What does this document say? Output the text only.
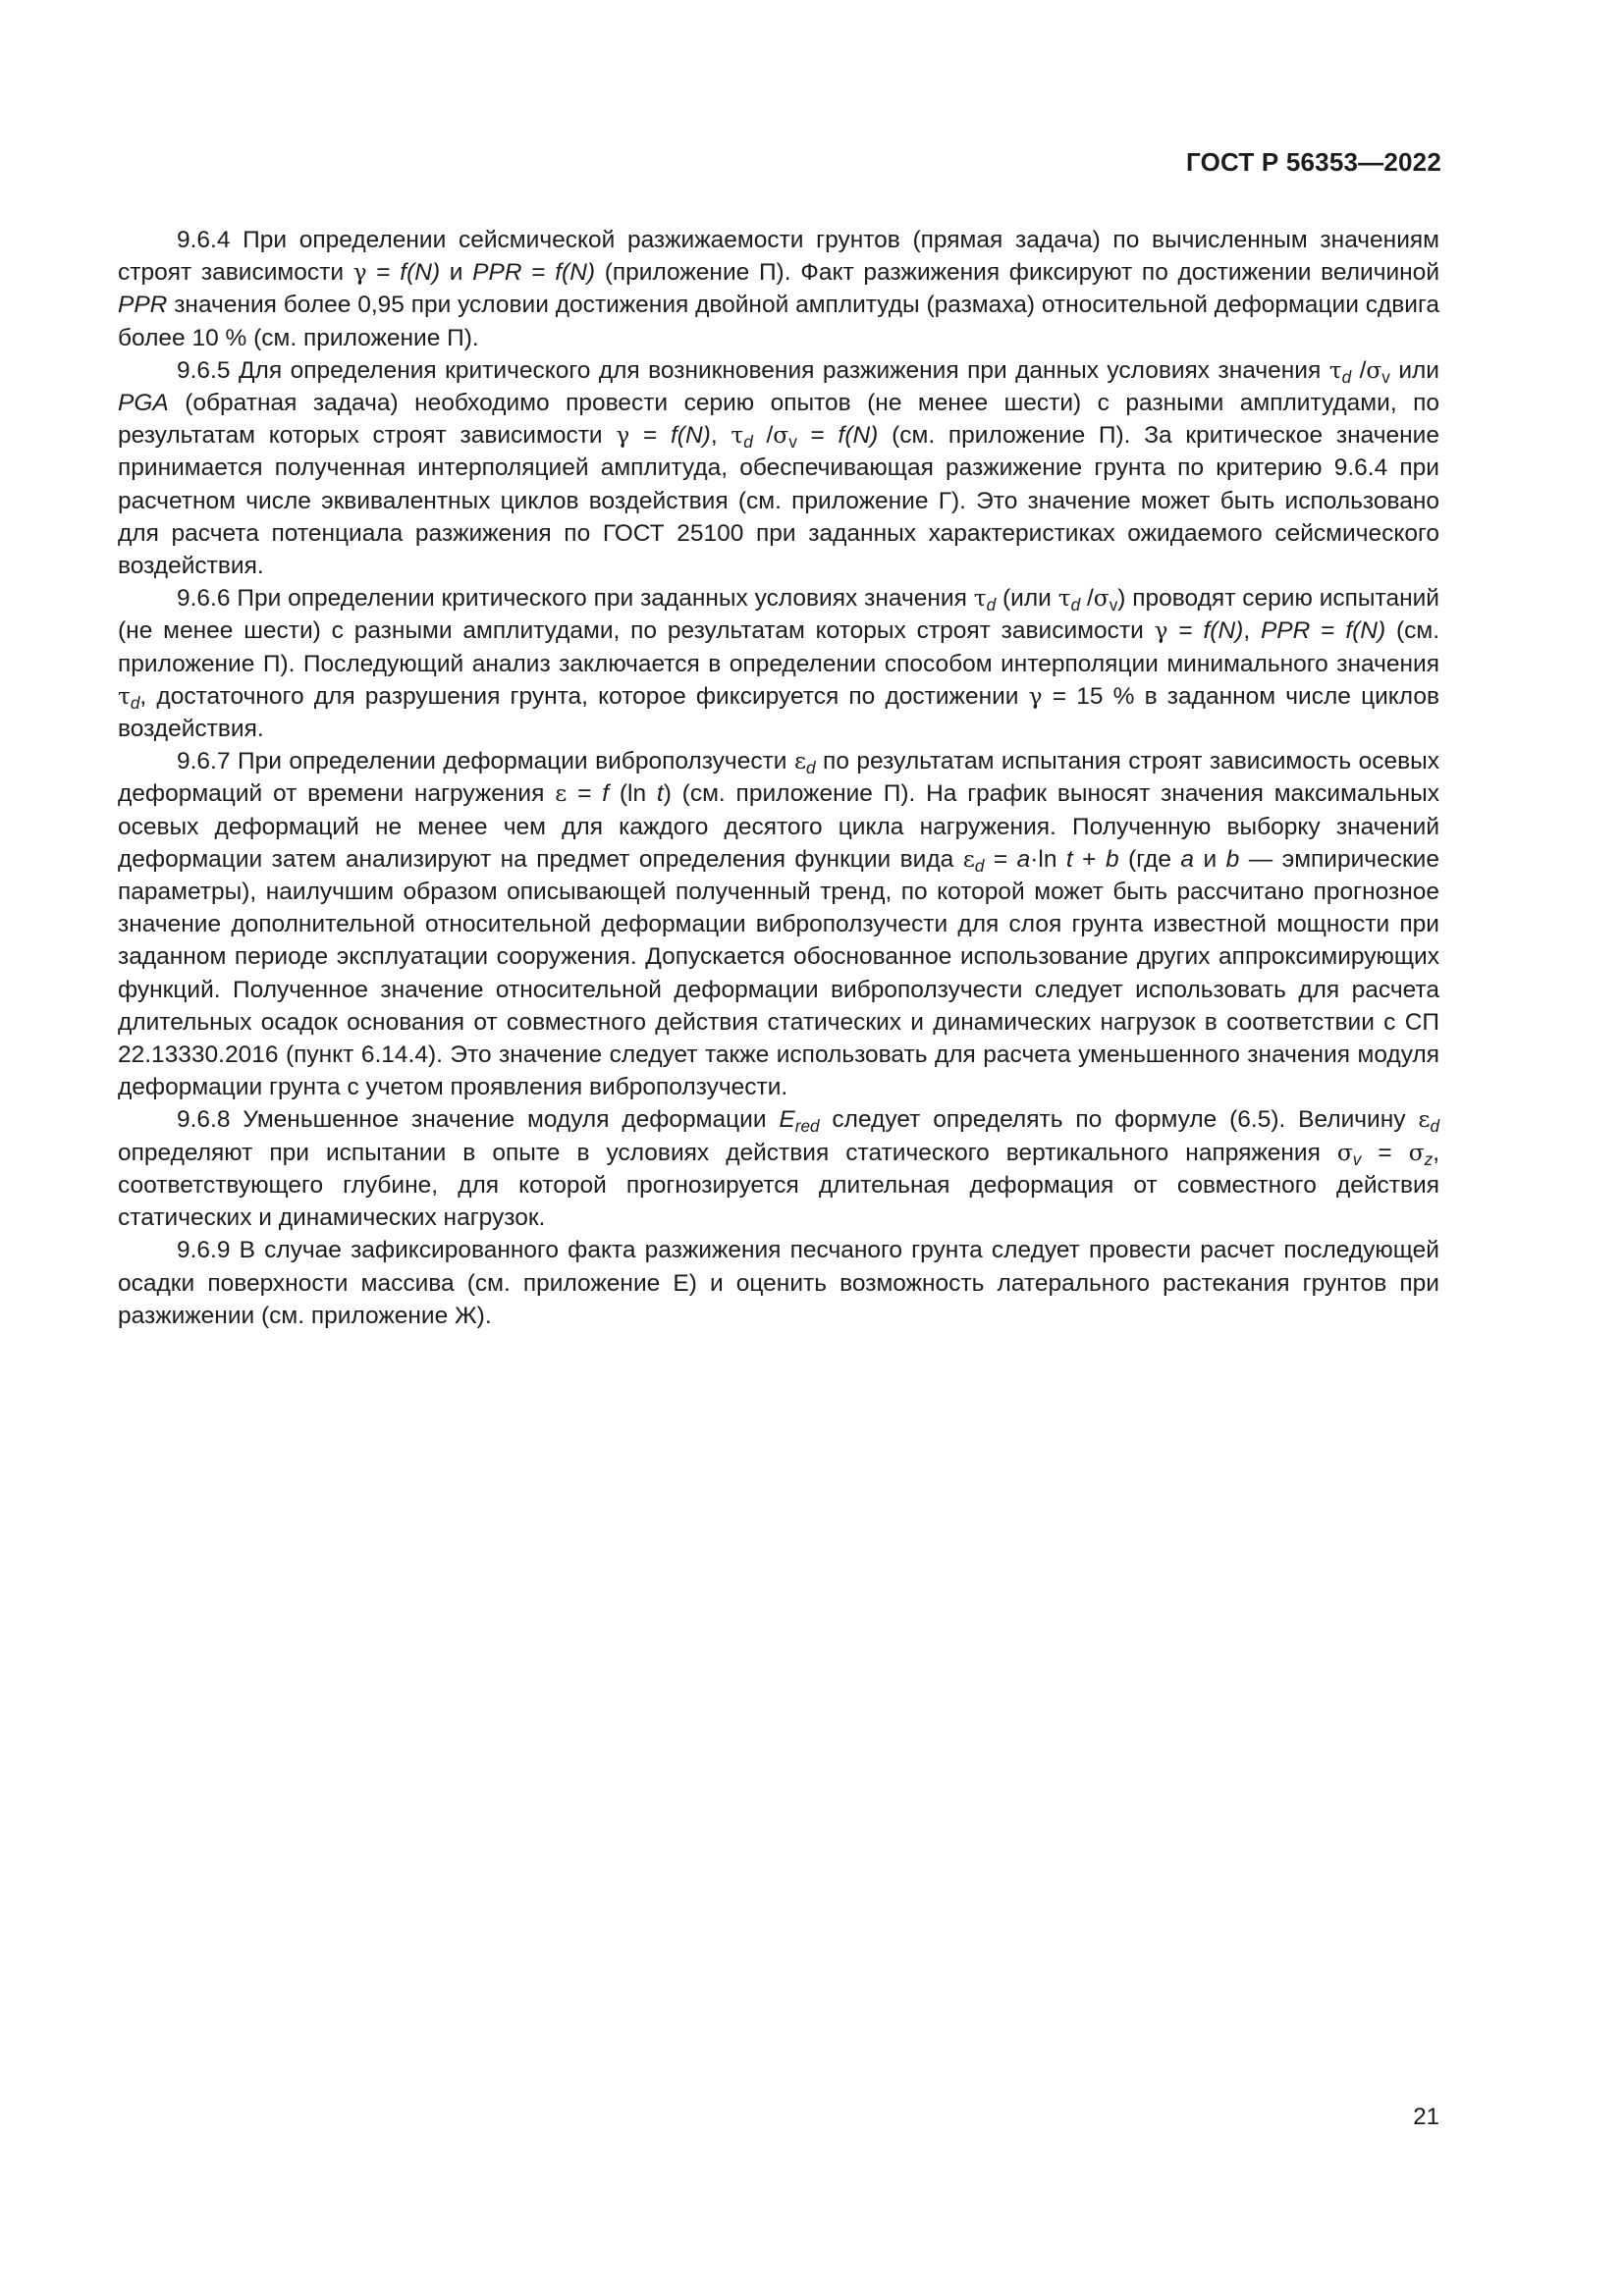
ГОСТ Р 56353—2022

9.6.4 При определении сейсмической разжижаемости грунтов (прямая задача) по вычисленным значениям строят зависимости γ = f(N) и PPR = f(N) (приложение П). Факт разжижения фиксируют по достижении величиной PPR значения более 0,95 при условии достижения двойной амплитуды (размаха) относительной деформации сдвига более 10 % (см. приложение П).

9.6.5 Для определения критического для возникновения разжижения при данных условиях значения $\tau_d$ $/\sigma_v$ или PGA (обратная задача) необходимо провести серию опытов (не менее шести) с разными амплитудами, по результатам которых строят зависимости γ = f(N), $\tau_d$ $/\sigma_v = f(N)$ (см. приложение П). За критическое значение принимается полученная интерполяцией амплитуда, обеспечивающая разжижение грунта по критерию 9.6.4 при расчетном числе эквивалентных циклов воздействия (см. приложение Г). Это значение может быть использовано для расчета потенциала разжижения по ГОСТ 25100 при заданных характеристиках ожидаемого сейсмического воздействия.

9.6.6 При определении критического при заданных условиях значения $\tau_d$ (или $\tau_d$ $/\sigma_v$) проводят серию испытаний (не менее шести) с разными амплитудами, по результатам которых строят зависимости γ = f(N), PPR = f(N) (см. приложение П). Последующий анализ заключается в определении способом интерполяции минимального значения $\tau_d$, достаточного для разрушения грунта, которое фиксируется по достижении γ = 15 % в заданном числе циклов воздействия.

9.6.7 При определении деформации виброползучести $\varepsilon_d$ по результатам испытания строят зависимость осевых деформаций от времени нагружения ε = f (ln t) (см. приложение П). На график выносят значения максимальных осевых деформаций не менее чем для каждого десятого цикла нагружения. Полученную выборку значений деформации затем анализируют на предмет определения функции вида $\varepsilon_d = a\cdot\ln$ t + b (где a и b — эмпирические параметры), наилучшим образом описывающей полученный тренд, по которой может быть рассчитано прогнозное значение дополнительной относительной деформации виброползучести для слоя грунта известной мощности при заданном периоде эксплуатации сооружения. Допускается обоснованное использование других аппроксимирующих функций. Полученное значение относительной деформации виброползучести следует использовать для расчета длительных осадок основания от совместного действия статических и динамических нагрузок в соответствии с СП 22.13330.2016 (пункт 6.14.4). Это значение следует также использовать для расчета уменьшенного значения модуля деформации грунта с учетом проявления виброползучести.

9.6.8 Уменьшенное значение модуля деформации $E_{red}$ следует определять по формуле (6.5). Величину $\varepsilon_d$ определяют при испытании в опыте в условиях действия статического вертикального напряжения $\sigma_v = \sigma_z$, соответствующего глубине, для которой прогнозируется длительная деформация от совместного действия статических и динамических нагрузок.

9.6.9 В случае зафиксированного факта разжижения песчаного грунта следует провести расчет последующей осадки поверхности массива (см. приложение Е) и оценить возможность латерального растекания грунтов при разжижении (см. приложение Ж).

21
